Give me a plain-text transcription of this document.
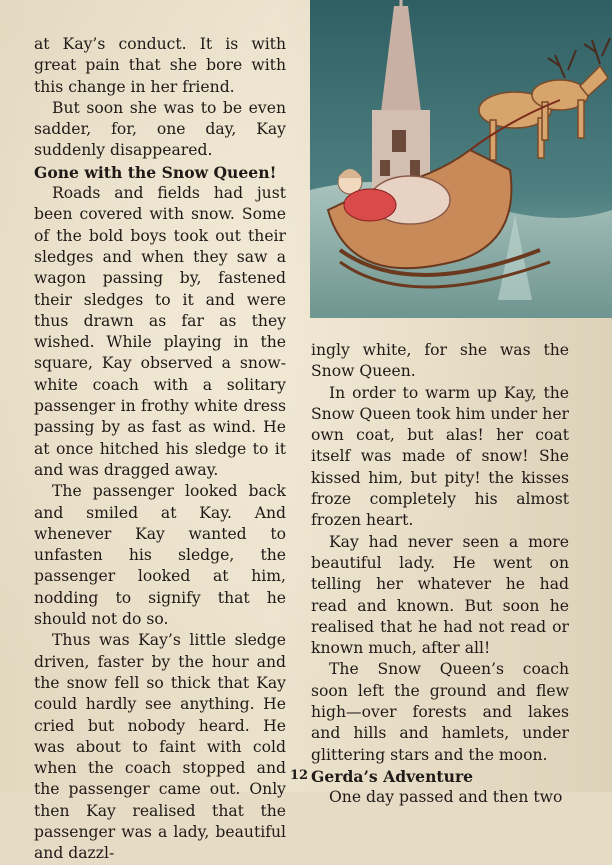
at Kay’s conduct. It is with great pain that she bore with this change in her friend.

But soon she was to be even sadder, for, one day, Kay suddenly disappeared.

Gone with the Snow Queen!

Roads and fields had just been covered with snow. Some of the bold boys took out their sledges and when they saw a wagon passing by, fastened their sledges to it and were thus drawn as far as they wished. While playing in the square, Kay observed a snow-white coach with a solitary passenger in frothy white dress passing by as fast as wind. He at once hitched his sledge to it and was dragged away.

The passenger looked back and smiled at Kay. And whenever Kay wanted to unfasten his sledge, the passenger looked at him, nodding to signify that he should not do so.

Thus was Kay’s little sledge driven, faster by the hour and the snow fell so thick that Kay could hardly see anything. He cried but nobody heard. He was about to faint with cold when the coach stopped and the passenger came out. Only then Kay realised that the passenger was a lady, beautiful and dazzl-

ingly white, for she was the Snow Queen.

In order to warm up Kay, the Snow Queen took him under her own coat, but alas! her coat itself was made of snow! She kissed him, but pity! the kisses froze completely his almost frozen heart.

Kay had never seen a more beautiful lady. He went on telling her whatever he had read and known. But soon he realised that he had not read or known much, after all!

The Snow Queen’s coach soon left the ground and flew high—over forests and lakes and hills and hamlets, under glittering stars and the moon.

Gerda’s Adventure

One day passed and then two

12
